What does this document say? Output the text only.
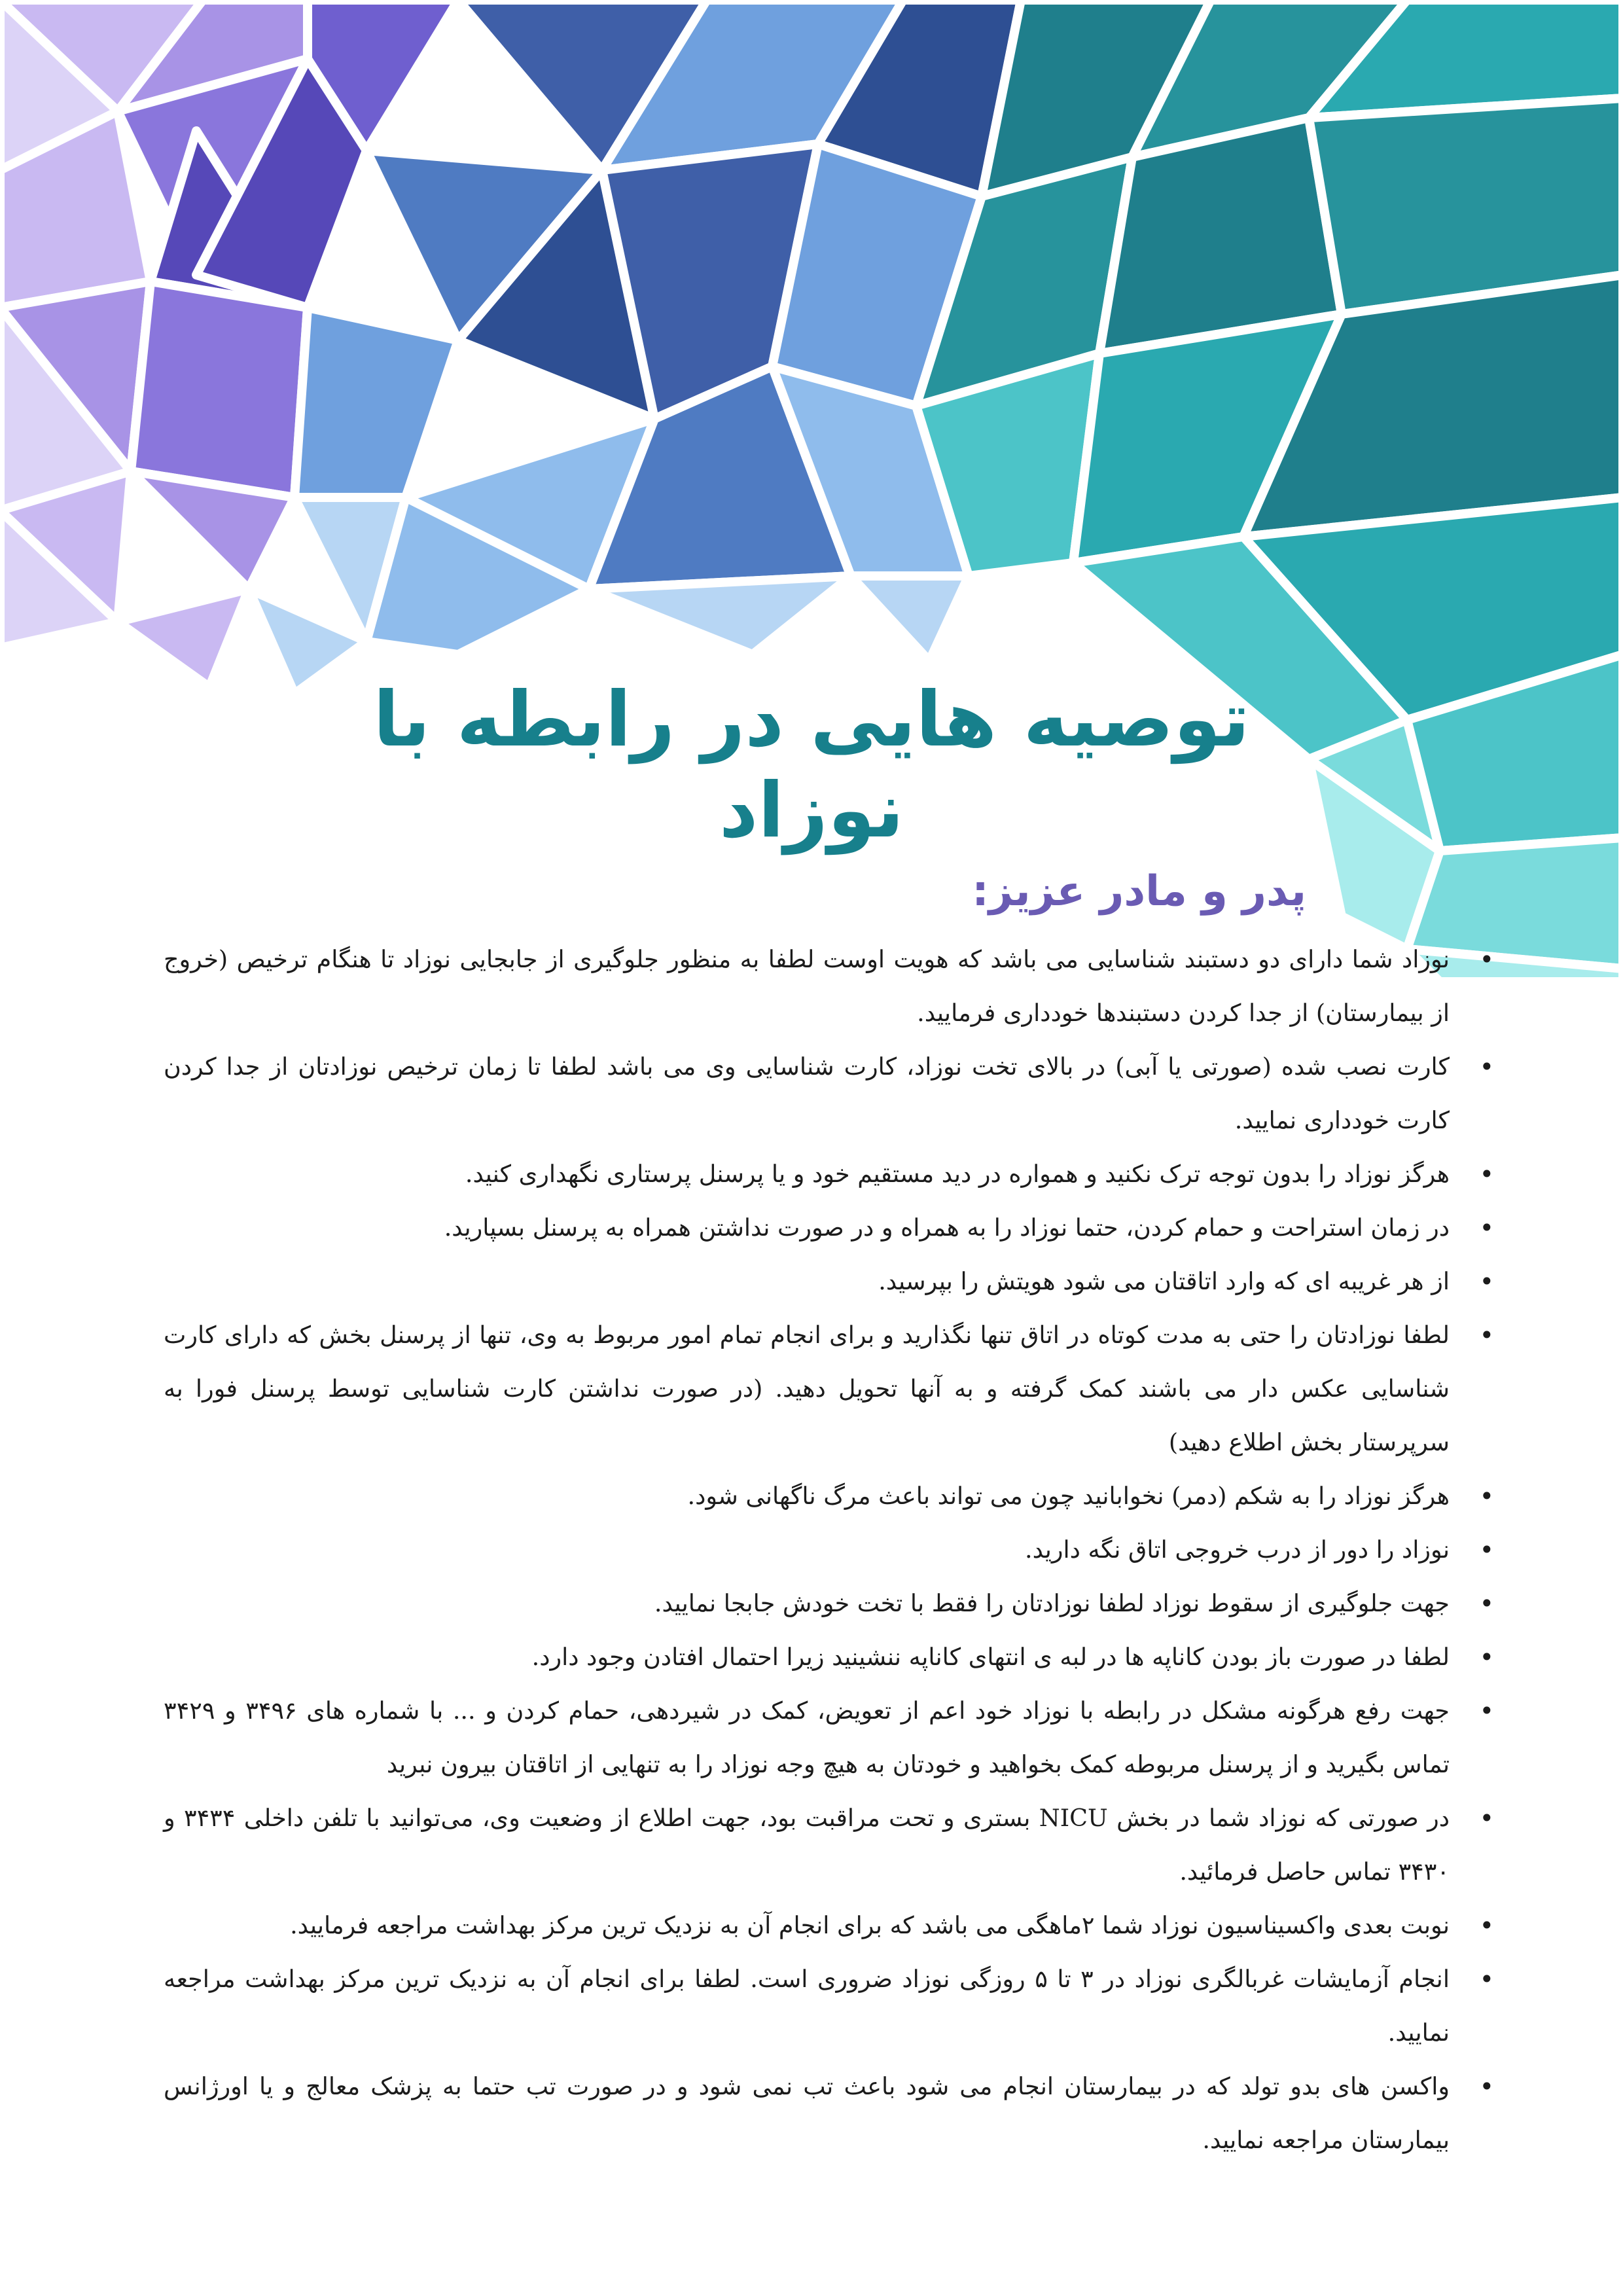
توصیه هایی در رابطه با نوزاد
پدر و مادر عزیز:
•
نوزاد شما دارای دو دستبند شناسایی می باشد که هویت اوست لطفا به منظور جلوگیری از جابجایی نوزاد تا هنگام ترخیص (خروج از بیمارستان) از جدا کردن دستبندها خودداری فرمایید.
•
کارت نصب شده (صورتی یا آبی) در بالای تخت نوزاد، کارت شناسایی وی می باشد لطفا تا زمان ترخیص نوزادتان از جدا کردن کارت خودداری نمایید.
•
هرگز نوزاد را بدون توجه ترک نکنید و همواره در دید مستقیم خود و یا پرسنل پرستاری نگهداری کنید.
•
در زمان استراحت و حمام کردن، حتما نوزاد را به همراه و در صورت نداشتن همراه به پرسنل بسپارید.
•
از هر غریبه ای که وارد اتاقتان می شود هویتش را بپرسید.
•
لطفا نوزادتان را حتی به مدت کوتاه در اتاق تنها نگذارید و برای انجام تمام امور مربوط به وی، تنها از پرسنل بخش که دارای کارت شناسایی عکس دار می باشند کمک گرفته و به آنها تحویل دهید. (در صورت نداشتن کارت شناسایی توسط پرسنل فورا به سرپرستار بخش اطلاع دهید)
•
هرگز نوزاد را به شکم (دمر) نخوابانید چون می تواند باعث مرگ ناگهانی شود.
•
نوزاد را دور از درب خروجی اتاق نگه دارید.
•
جهت جلوگیری از سقوط نوزاد لطفا نوزادتان را فقط با تخت خودش جابجا نمایید.
•
لطفا در صورت باز بودن کاناپه ها در لبه ی انتهای کاناپه ننشینید زیرا احتمال افتادن وجود دارد.
•
جهت رفع هرگونه مشکل در رابطه با نوزاد خود اعم از تعویض، کمک در شیردهی، حمام کردن و ... با شماره های ۳۴۹۶ و ۳۴۲۹ تماس بگیرید و از پرسنل مربوطه کمک بخواهید و خودتان به هیچ وجه نوزاد را به تنهایی از اتاقتان بیرون نبرید
•
در صورتی که نوزاد شما در بخش NICU بستری و تحت مراقبت بود، جهت اطلاع از وضعیت وی، می‌توانید با تلفن داخلی ۳۴۳۴ و ۳۴۳۰ تماس حاصل فرمائید.
•
نوبت بعدی واکسیناسیون نوزاد شما ۲ماهگی می باشد که برای انجام آن به نزدیک ترین مرکز بهداشت مراجعه فرمایید.
•
انجام آزمایشات غربالگری نوزاد در ۳ تا ۵ روزگی نوزاد ضروری است. لطفا برای انجام آن به نزدیک ترین مرکز بهداشت مراجعه نمایید.
•
واکسن های بدو تولد که در بیمارستان انجام می شود باعث تب نمی شود و در صورت تب حتما به پزشک معالج و یا اورژانس بیمارستان مراجعه نمایید.
